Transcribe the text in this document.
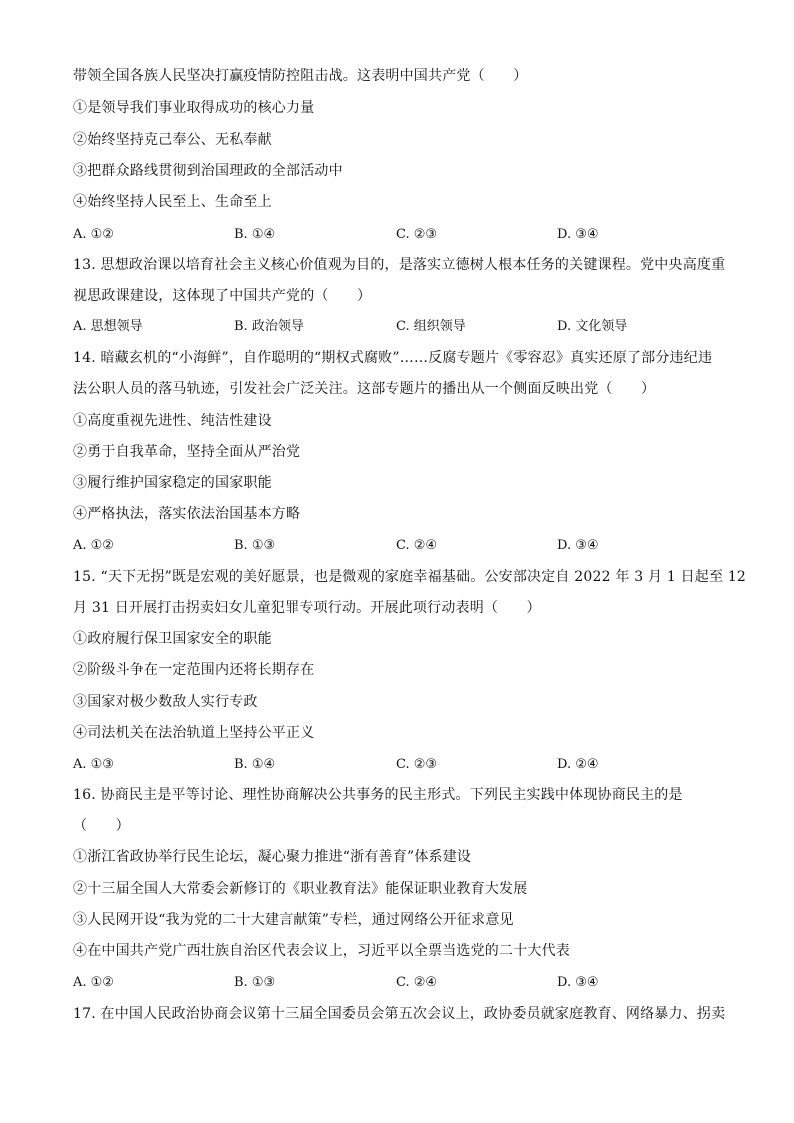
带领全国各族人民坚决打赢疫情防控阻击战。这表明中国共产党（　　）
①是领导我们事业取得成功的核心力量
②始终坚持克己奉公、无私奉献
③把群众路线贯彻到治国理政的全部活动中
④始终坚持人民至上、生命至上
A. ①②	B. ①④	C. ②③	D. ③④
13. 思想政治课以培育社会主义核心价值观为目的，是落实立德树人根本任务的关键课程。党中央高度重
视思政课建设，这体现了中国共产党的（　　）
A. 思想领导	B. 政治领导	C. 组织领导	D. 文化领导
14. 暗藏玄机的“小海鲜”，自作聪明的“期权式腐败”……反腐专题片《零容忍》真实还原了部分违纪违
法公职人员的落马轨迹，引发社会广泛关注。这部专题片的播出从一个侧面反映出党（　　）
①高度重视先进性、纯洁性建设
②勇于自我革命，坚持全面从严治党
③履行维护国家稳定的国家职能
④严格执法，落实依法治国基本方略
A. ①②	B. ①③	C. ②④	D. ③④
15. “天下无拐”既是宏观的美好愿景，也是微观的家庭幸福基础。公安部决定自 2022 年 3 月 1 日起至 12
月 31 日开展打击拐卖妇女儿童犯罪专项行动。开展此项行动表明（　　）
①政府履行保卫国家安全的职能
②阶级斗争在一定范围内还将长期存在
③国家对极少数敌人实行专政
④司法机关在法治轨道上坚持公平正义
A. ①③	B. ①④	C. ②③	D. ②④
16. 协商民主是平等讨论、理性协商解决公共事务的民主形式。下列民主实践中体现协商民主的是
（　　）
①浙江省政协举行民生论坛，凝心聚力推进“浙有善育”体系建设
②十三届全国人大常委会新修订的《职业教育法》能保证职业教育大发展
③人民网开设“我为党的二十大建言献策”专栏，通过网络公开征求意见
④在中国共产党广西壮族自治区代表会议上，习近平以全票当选党的二十大代表
A. ①②	B. ①③	C. ②④	D. ③④
17. 在中国人民政治协商会议第十三届全国委员会第五次会议上，政协委员就家庭教育、网络暴力、拐卖
